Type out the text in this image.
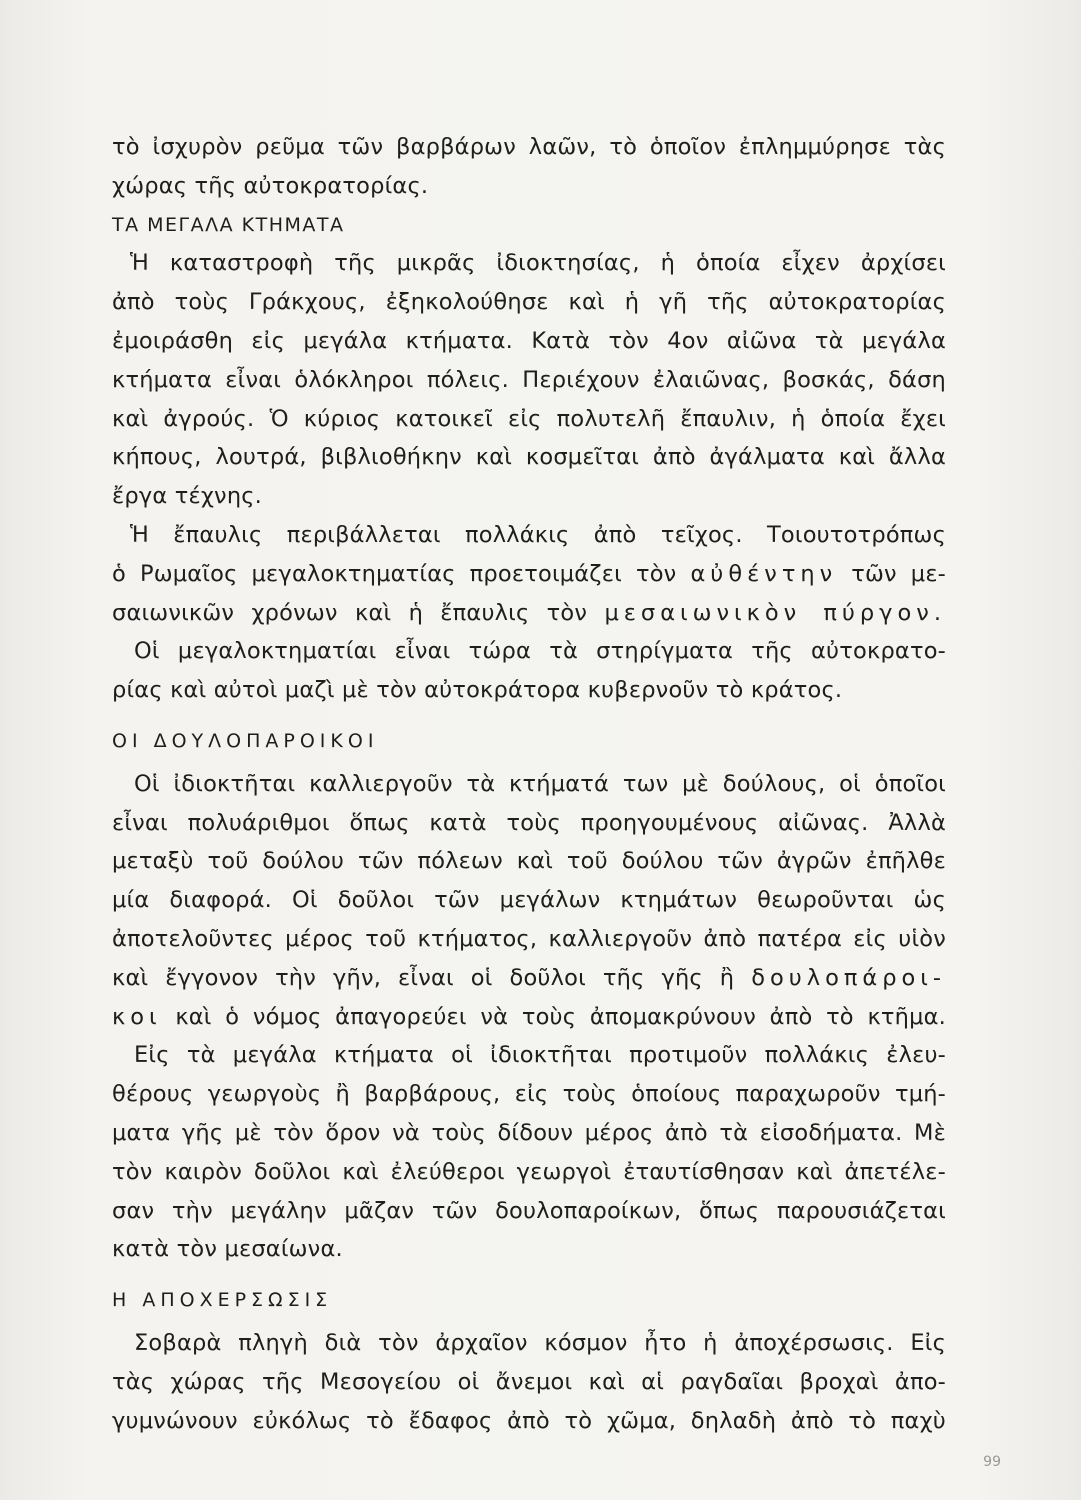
τὸ ἰσχυρὸν ρεῦμα τῶν βαρβάρων λαῶν, τὸ ὁποῖον ἐπλημμύρησε τὰς
χώρας τῆς αὐτοκρατορίας.
ΤΑ ΜΕΓΑΛΑ ΚΤΗΜΑΤΑ
Ἡ καταστροφὴ τῆς μικρᾶς ἰδιοκτησίας, ἡ ὁποία εἶχεν ἀρχίσει
ἀπὸ τοὺς Γράκχους, ἐξηκολούθησε καὶ ἡ γῆ τῆς αὐτοκρατορίας
ἐμοιράσθη εἰς μεγάλα κτήματα. Κατὰ τὸν 4ον αἰῶνα τὰ μεγάλα
κτήματα εἶναι ὁλόκληροι πόλεις. Περιέχουν ἐλαιῶνας, βοσκάς, δάση
καὶ ἀγρούς. Ὁ κύριος κατοικεῖ εἰς πολυτελῆ ἔπαυλιν, ἡ ὁποία ἔχει
κήπους, λουτρά, βιβλιοθήκην καὶ κοσμεῖται ἀπὸ ἀγάλματα καὶ ἄλλα
ἔργα τέχνης.
Ἡ ἔπαυλις περιβάλλεται πολλάκις ἀπὸ τεῖχος. Τοιουτοτρόπως
ὁ Ρωμαῖος μεγαλοκτηματίας προετοιμάζει τὸν αὐθέντην τῶν με-
σαιωνικῶν χρόνων καὶ ἡ ἔπαυλις τὸν μεσαιωνικὸν πύργον.
Οἱ μεγαλοκτηματίαι εἶναι τώρα τὰ στηρίγματα τῆς αὐτοκρατο-
ρίας καὶ αὐτοὶ μαζὶ μὲ τὸν αὐτοκράτορα κυβερνοῦν τὸ κράτος.
ΟΙ ΔΟΥΛΟΠΑΡΟΙΚΟΙ
Οἱ ἰδιοκτῆται καλλιεργοῦν τὰ κτήματά των μὲ δούλους, οἱ ὁποῖοι
εἶναι πολυάριθμοι ὅπως κατὰ τοὺς προηγουμένους αἰῶνας. Ἀλλὰ
μεταξὺ τοῦ δούλου τῶν πόλεων καὶ τοῦ δούλου τῶν ἀγρῶν ἐπῆλθε
μία διαφορά. Οἱ δοῦλοι τῶν μεγάλων κτημάτων θεωροῦνται ὡς
ἀποτελοῦντες μέρος τοῦ κτήματος, καλλιεργοῦν ἀπὸ πατέρα εἰς υἱὸν
καὶ ἔγγονον τὴν γῆν, εἶναι οἱ δοῦλοι τῆς γῆς ἢ δουλοπάροι-
κοι καὶ ὁ νόμος ἀπαγορεύει νὰ τοὺς ἀπομακρύνουν ἀπὸ τὸ κτῆμα.
Εἰς τὰ μεγάλα κτήματα οἱ ἰδιοκτῆται προτιμοῦν πολλάκις ἐλευ-
θέρους γεωργοὺς ἢ βαρβάρους, εἰς τοὺς ὁποίους παραχωροῦν τμή-
ματα γῆς μὲ τὸν ὅρον νὰ τοὺς δίδουν μέρος ἀπὸ τὰ εἰσοδήματα. Μὲ
τὸν καιρὸν δοῦλοι καὶ ἐλεύθεροι γεωργοὶ ἐταυτίσθησαν καὶ ἀπετέλε-
σαν τὴν μεγάλην μᾶζαν τῶν δουλοπαροίκων, ὅπως παρουσιάζεται
κατὰ τὸν μεσαίωνα.
Η ΑΠΟΧΕΡΣΩΣΙΣ
Σοβαρὰ πληγὴ διὰ τὸν ἀρχαῖον κόσμον ἦτο ἡ ἀποχέρσωσις. Εἰς
τὰς χώρας τῆς Μεσογείου οἱ ἄνεμοι καὶ αἱ ραγδαῖαι βροχαὶ ἀπο-
γυμνώνουν εὐκόλως τὸ ἔδαφος ἀπὸ τὸ χῶμα, δηλαδὴ ἀπὸ τὸ παχὺ
99
